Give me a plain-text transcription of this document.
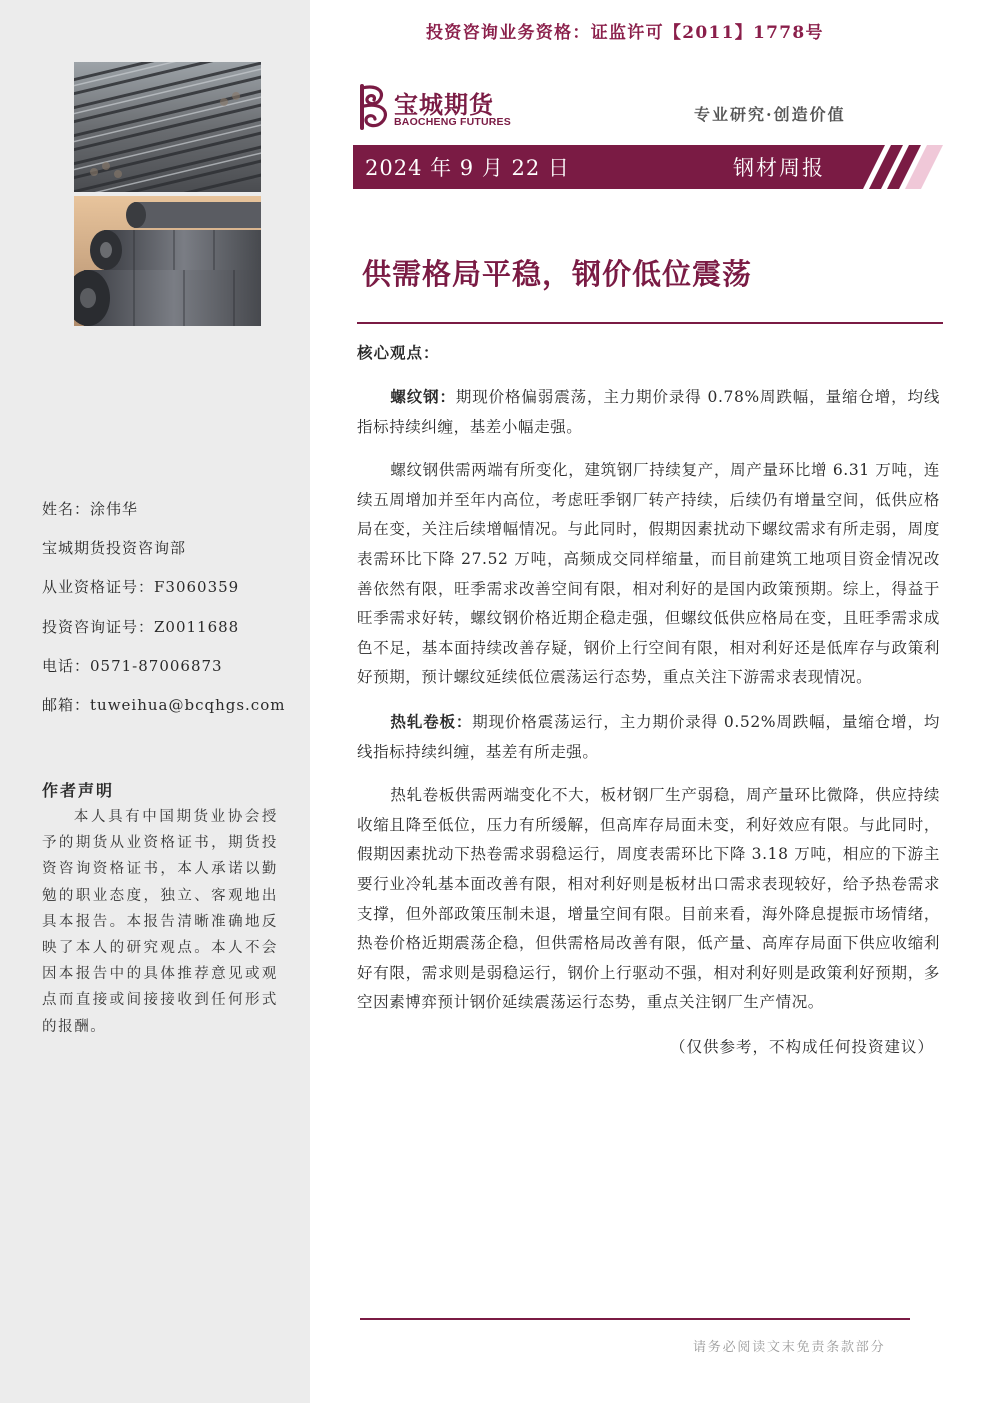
姓名：涂伟华
宝城期货投资咨询部
从业资格证号：F3060359
投资咨询证号：Z0011688
电话：0571-87006873
邮箱：tuweihua@bcqhgs.com
作者声明
本人具有中国期货业协会授予的期货从业资格证书，期货投资咨询资格证书，本人承诺以勤勉的职业态度，独立、客观地出具本报告。本报告清晰准确地反映了本人的研究观点。本人不会因本报告中的具体推荐意见或观点而直接或间接接收到任何形式的报酬。
投资咨询业务资格：证监许可【2011】1778号
宝城期货
BAOCHENG FUTURES	专业研究·创造价值
2024 年 9 月 22 日	钢材周报
供需格局平稳，钢价低位震荡
核心观点：

螺纹钢：期现价格偏弱震荡，主力期价录得 0.78%周跌幅，量缩仓增，均线指标持续纠缠，基差小幅走强。

螺纹钢供需两端有所变化，建筑钢厂持续复产，周产量环比增 6.31 万吨，连续五周增加并至年内高位，考虑旺季钢厂转产持续，后续仍有增量空间，低供应格局在变，关注后续增幅情况。与此同时，假期因素扰动下螺纹需求有所走弱，周度表需环比下降 27.52 万吨，高频成交同样缩量，而目前建筑工地项目资金情况改善依然有限，旺季需求改善空间有限，相对利好的是国内政策预期。综上，得益于旺季需求好转，螺纹钢价格近期企稳走强，但螺纹低供应格局在变，且旺季需求成色不足，基本面持续改善存疑，钢价上行空间有限，相对利好还是低库存与政策利好预期，预计螺纹延续低位震荡运行态势，重点关注下游需求表现情况。

热轧卷板：期现价格震荡运行，主力期价录得 0.52%周跌幅，量缩仓增，均线指标持续纠缠，基差有所走强。

热轧卷板供需两端变化不大，板材钢厂生产弱稳，周产量环比微降，供应持续收缩且降至低位，压力有所缓解，但高库存局面未变，利好效应有限。与此同时，假期因素扰动下热卷需求弱稳运行，周度表需环比下降 3.18 万吨，相应的下游主要行业冷轧基本面改善有限，相对利好则是板材出口需求表现较好，给予热卷需求支撑，但外部政策压制未退，增量空间有限。目前来看，海外降息提振市场情绪，热卷价格近期震荡企稳，但供需格局改善有限，低产量、高库存局面下供应收缩利好有限，需求则是弱稳运行，钢价上行驱动不强，相对利好则是政策利好预期，多空因素博弈预计钢价延续震荡运行态势，重点关注钢厂生产情况。

（仅供参考，不构成任何投资建议）
请务必阅读文末免责条款部分
